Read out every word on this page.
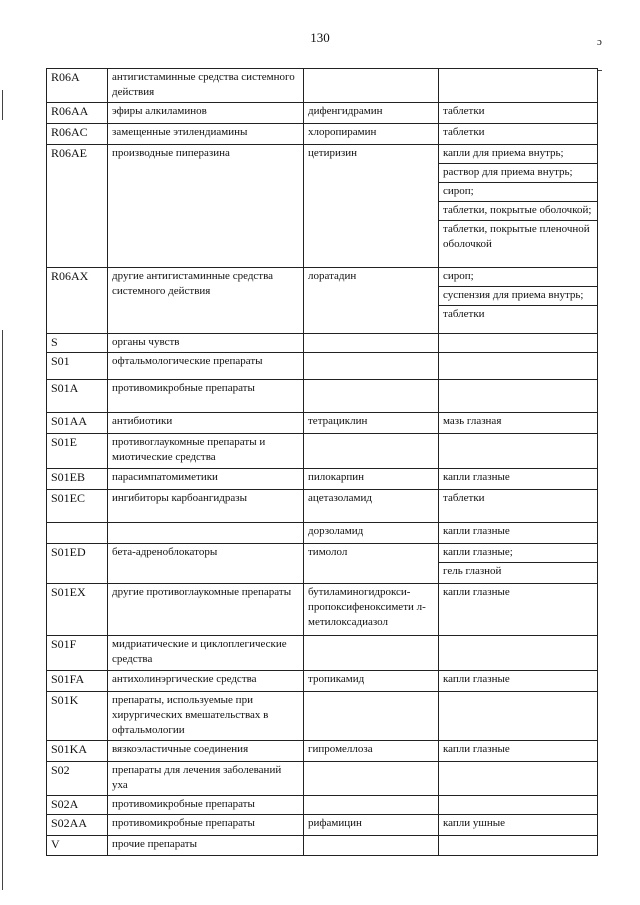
130	ɔ
R06A	антигистаминные средства системного действия		
R06AA	эфиры алкиламинов	дифенгидрамин	таблетки

R06AC	замещенные этилендиамины	хлоропирамин	таблетки

R06AE	производные пиперазина	цетиризин	капли для приема внутрь;
раствор для приема внутрь;
сироп;
таблетки, покрытые оболочкой;
таблетки, покрытые пленочной оболочкой

R06AX	другие антигистаминные средства системного действия	лоратадин	сироп;
суспензия для приема внутрь;
таблетки

S	органы чувств		
S01	офтальмологические препараты		
S01A	противомикробные препараты		
S01AA	антибиотики	тетрациклин	мазь глазная

S01E	противоглаукомные препараты и миотические средства		
S01EB	парасимпатомиметики	пилокарпин	капли глазные

S01EC	ингибиторы карбоангидразы	ацетазоламид	таблетки

		дорзоламид	капли глазные

S01ED	бета-адреноблокаторы	тимолол	капли глазные;
гель глазной

S01EX	другие противоглаукомные препараты	бутиламиногидрокси-пропоксифеноксимети л-метилоксадиазол	капли глазные

S01F	мидриатические и циклоплегические средства		
S01FA	антихолинэргические средства	тропикамид	капли глазные

S01K	препараты, используемые при хирургических вмешательствах в офтальмологии		
S01KA	вязкоэластичные соединения	гипромеллоза	капли глазные

S02	препараты для лечения заболеваний уха		
S02A	противомикробные препараты		
S02AA	противомикробные препараты	рифамицин	капли ушные

V	прочие препараты		
